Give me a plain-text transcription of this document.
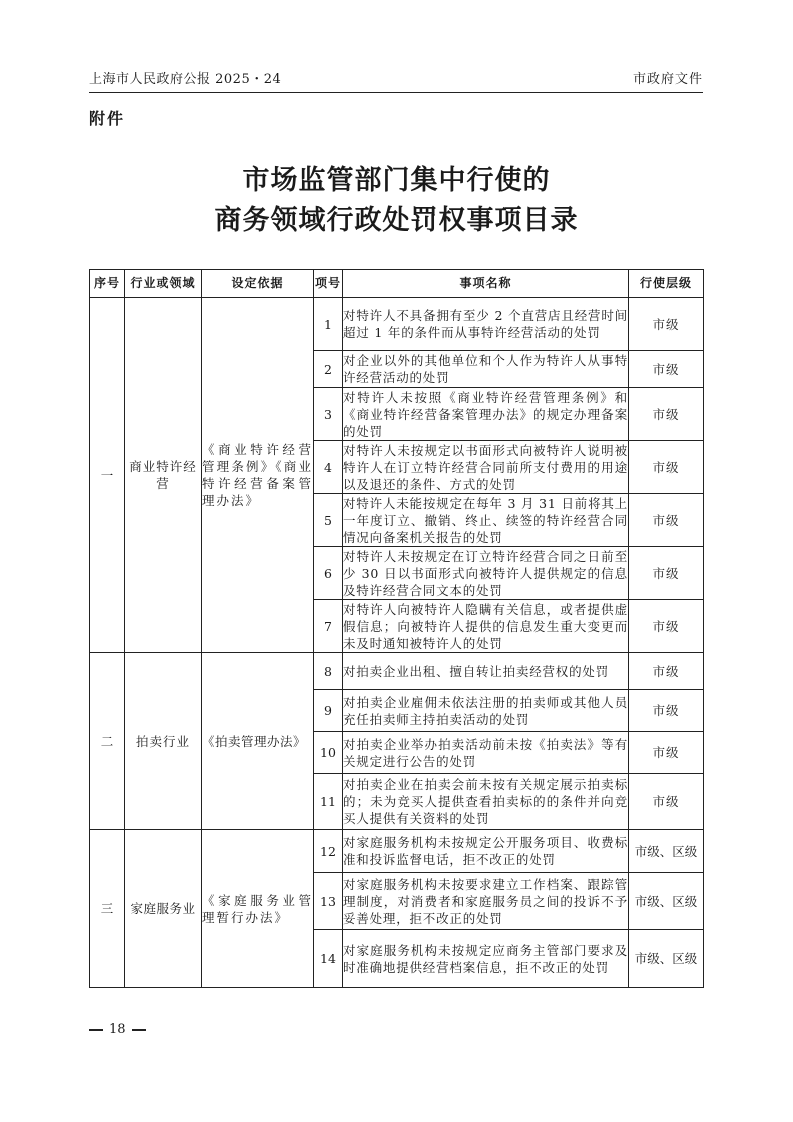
上海市人民政府公报 2025・24	市政府文件
附件
市场监管部门集中行使的
商务领域行政处罚权事项目录
序号	行业或领域	设定依据	项号	事项名称	行使层级
一	商业特许经营	《商业特许经营管理条例》《商业特许经营备案管理办法》	1	对特许人不具备拥有至少 2 个直营店且经营时间超过 1 年的条件而从事特许经营活动的处罚	市级
			2	对企业以外的其他单位和个人作为特许人从事特许经营活动的处罚	市级
			3	对特许人未按照《商业特许经营管理条例》和《商业特许经营备案管理办法》的规定办理备案的处罚	市级
			4	对特许人未按规定以书面形式向被特许人说明被特许人在订立特许经营合同前所支付费用的用途以及退还的条件、方式的处罚	市级
			5	对特许人未能按规定在每年 3 月 31 日前将其上一年度订立、撤销、终止、续签的特许经营合同情况向备案机关报告的处罚	市级
			6	对特许人未按规定在订立特许经营合同之日前至少 30 日以书面形式向被特许人提供规定的信息及特许经营合同文本的处罚	市级
			7	对特许人向被特许人隐瞒有关信息，或者提供虚假信息；向被特许人提供的信息发生重大变更而未及时通知被特许人的处罚	市级
二	拍卖行业	《拍卖管理办法》	8	对拍卖企业出租、擅自转让拍卖经营权的处罚	市级
			9	对拍卖企业雇佣未依法注册的拍卖师或其他人员充任拍卖师主持拍卖活动的处罚	市级
			10	对拍卖企业举办拍卖活动前未按《拍卖法》等有关规定进行公告的处罚	市级
			11	对拍卖企业在拍卖会前未按有关规定展示拍卖标的；未为竞买人提供查看拍卖标的的条件并向竞买人提供有关资料的处罚	市级
三	家庭服务业	《家庭服务业管理暂行办法》	12	对家庭服务机构未按规定公开服务项目、收费标准和投诉监督电话，拒不改正的处罚	市级、区级
			13	对家庭服务机构未按要求建立工作档案、跟踪管理制度，对消费者和家庭服务员之间的投诉不予妥善处理，拒不改正的处罚	市级、区级
			14	对家庭服务机构未按规定应商务主管部门要求及时准确地提供经营档案信息，拒不改正的处罚	市级、区级
18
